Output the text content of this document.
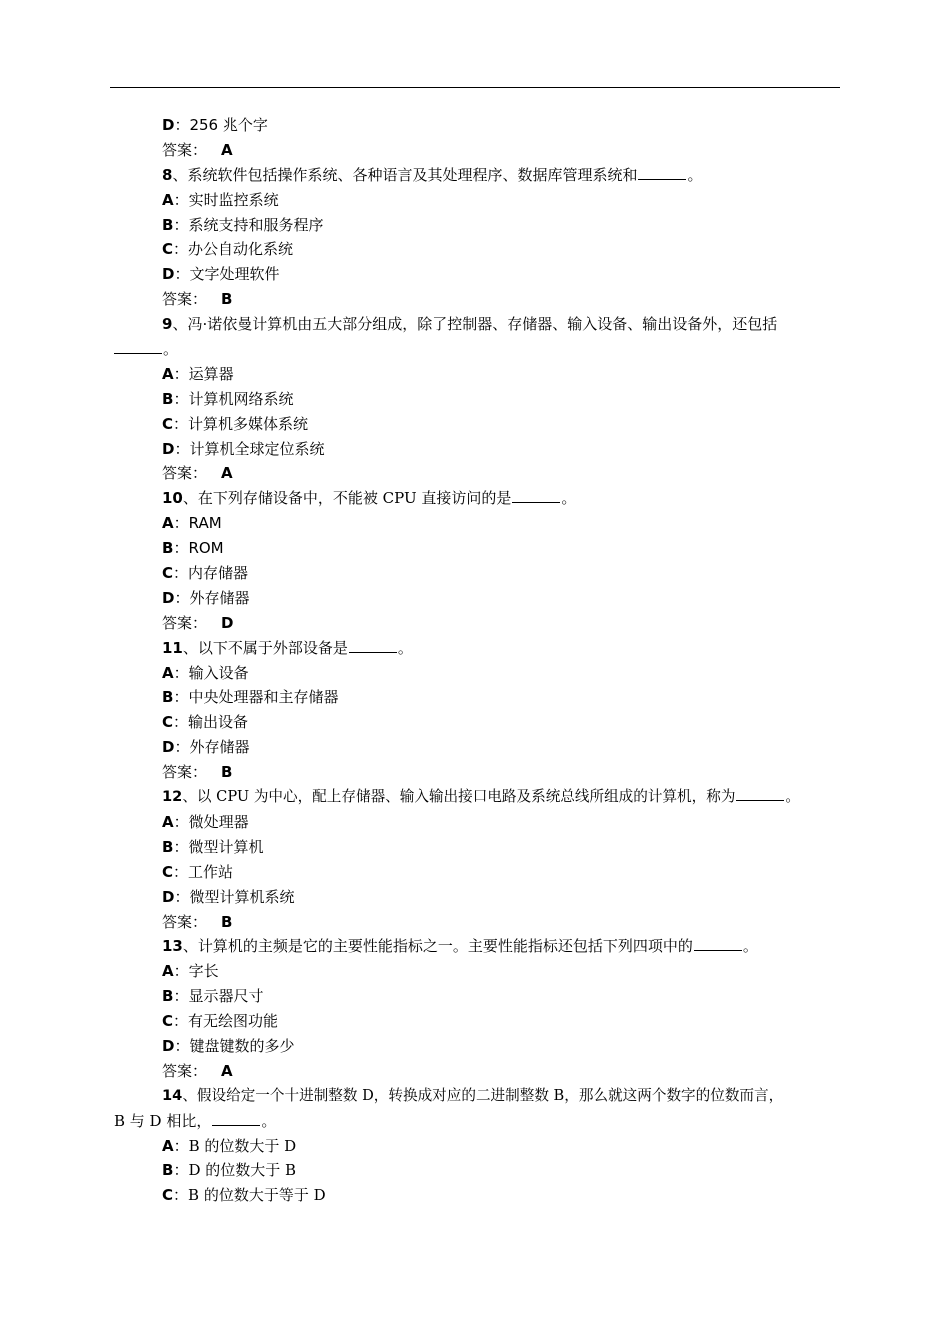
D：256 兆个字
答案： A
8、系统软件包括操作系统、各种语言及其处理程序、数据库管理系统和	。
A：实时监控系统
B：系统支持和服务程序
C：办公自动化系统
D：文字处理软件
答案： B
9、冯·诺依曼计算机由五大部分组成，除了控制器、存储器、输入设备、输出设备外，还包括
。
A：运算器
B：计算机网络系统
C：计算机多媒体系统
D：计算机全球定位系统
答案： A
10、在下列存储设备中，不能被 CPU 直接访问的是	。
A：RAM
B：ROM
C：内存储器
D：外存储器
答案： D
11、以下不属于外部设备是	。
A：输入设备
B：中央处理器和主存储器
C：输出设备
D：外存储器
答案： B
12、以 CPU 为中心，配上存储器、输入输出接口电路及系统总线所组成的计算机，称为	。
A：微处理器
B：微型计算机
C：工作站
D：微型计算机系统
答案： B
13、计算机的主频是它的主要性能指标之一。主要性能指标还包括下列四项中的	。
A：字长
B：显示器尺寸
C：有无绘图功能
D：键盘键数的多少
答案： A
14、假设给定一个十进制整数 D，转换成对应的二进制整数 B，那么就这两个数字的位数而言，
B 与 D 相比，	。
A：B 的位数大于 D
B：D 的位数大于 B
C：B 的位数大于等于 D
